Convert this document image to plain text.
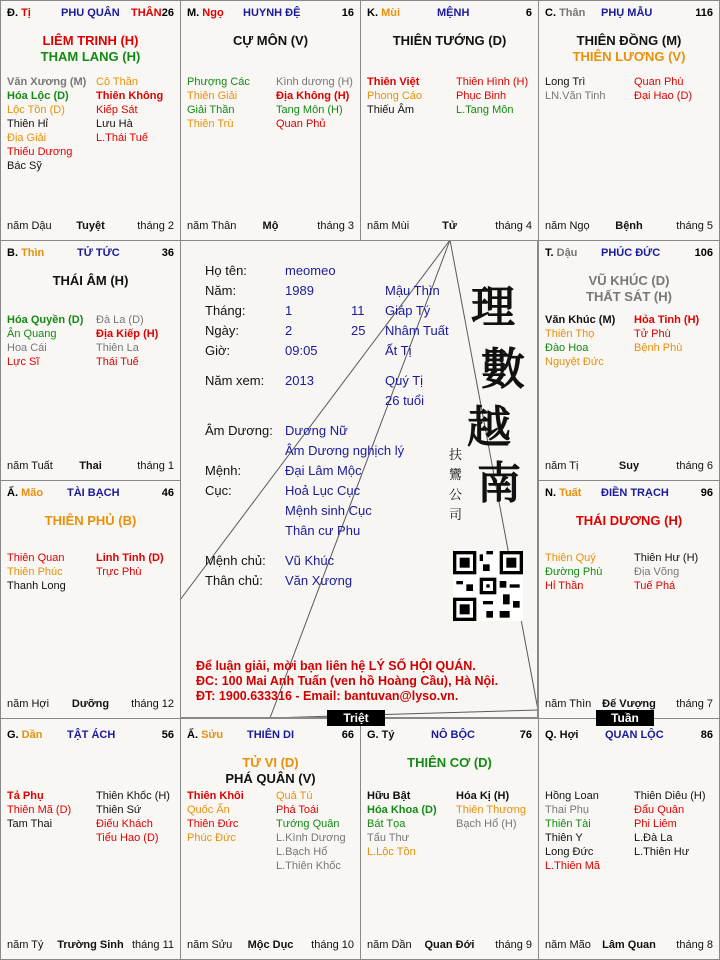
Đ. Tị	PHU QUÂN THÂN 26
LIÊM TRINH (H)
THAM LANG (H)
Văn Xương (M)
Hóa Lộc (D)
Lộc Tồn (D)
Thiên Hỉ
Địa Giải
Thiếu Dương
Bác Sỹ
Cô Thần
Thiên Không
Kiếp Sát
Lưu Hà
L.Thái Tuế
năm Dậu	Tuyệt	tháng 2
M. Ngọ HUYNH ĐỆ	16
CỰ MÔN (V)
Phượng Các
Thiên Giải
Giải Thần
Thiên Trù
Kình dương (H)
Địa Không (H)
Tang Môn (H)
Quan Phủ
năm Thân	Mộ	tháng 3
K. Mùi	MỆNH	6
THIÊN TƯỚNG (D)
Thiên Việt
Phong Cáo
Thiếu Âm
Thiên Hình (H)
Phục Binh
L.Tang Môn
năm Mùi	Tử	tháng 4
C. Thân PHỤ MẪU	116
THIÊN ĐỒNG (M)
THIÊN LƯƠNG (V)
Long Trì
LN.Văn Tinh
Quan Phù
Đại Hao (D)
năm Ngọ	Bệnh	tháng 5
B. Thìn	TỬ TỨC	36
THÁI ÂM (H)
Hóa Quyền (D)
Ân Quang
Hoa Cái
Lực Sĩ
Đà La (D)
Địa Kiếp (H)
Thiên La
Thái Tuế
năm Tuất	Thai	tháng 1
T. Dậu PHÚC ĐỨC	106
VŨ KHÚC (D)
THẤT SÁT (H)
Văn Khúc (M)
Thiên Thọ
Đào Hoa
Nguyệt Đức
Hỏa Tinh (H)
Tử Phù
Bệnh Phù
năm Tị	Suy	tháng 6
Ấ. Mão TÀI BẠCH	46
THIÊN PHỦ (B)
Thiên Quan
Thiên Phúc
Thanh Long
Linh Tinh (D)
Trực Phù
năm Hợi	Dưỡng	tháng 12
N. Tuất ĐIỀN TRẠCH	96
THÁI DƯƠNG (H)
Thiên Quý
Đường Phù
Hỉ Thần
Thiên Hư (H)
Địa Võng
Tuế Phá
năm Thìn Đế Vượng	tháng 7
G. Dần TẬT ÁCH	56
Tả Phụ
Thiên Mã (D)
Tam Thai
Thiên Khốc (H)
Thiên Sứ
Điếu Khách
Tiểu Hao (D)
năm Tý	Trường Sinh tháng 11
Ấ. Sửu THIÊN DI	66
TỬ VI (D)
PHÁ QUÂN (V)
Thiên Khôi
Quốc Ấn
Thiên Đức
Phúc Đức
Quả Tú
Phá Toái
Tướng Quân
L.Kình Dương
L.Bạch Hổ
L.Thiên Khốc
năm Sửu	Mộc Dục	tháng 10
G. Tý	NÔ BỘC	76
THIÊN CƠ (D)
Hữu Bật
Hóa Khoa (D)
Bát Tọa
Tấu Thư
L.Lộc Tồn
Hóa Kị (H)
Thiên Thương
Bạch Hổ (H)
năm Dần	Quan Đới	tháng 9
Q. Hợi QUAN LỘC	86
Hồng Loan
Thai Phụ
Thiên Tài
Thiên Y
Long Đức
L.Thiên Mã
Thiên Diêu (H)
Đẩu Quân
Phi Liêm
L.Đà La
L.Thiên Hư
năm Mão	Lâm Quan	tháng 8
Họ tên:	meomeo
Năm:	1989	Mậu Thìn
Tháng:	1	11 Giáp Tý
Ngày:	2	25 Nhâm Tuất
Giờ:	09:05	Ất Tị
Năm xem: 2013	Quý Tị
26 tuổi
Âm Dương: Dương Nữ
Âm Dương nghịch lý
Mệnh:	Đại Lâm Mộc
Cục:	Hoả Lục Cục
Mệnh sinh Cục
Thân cư Phu
Mệnh chủ: Vũ Khúc
Thân chủ: Văn Xương
理
數
越
南
扶
鸞
公
司
Để luận giải, mời bạn liên hệ LÝ SỐ HỘI QUÁN.
ĐC: 100 Mai Anh Tuấn (ven hồ Hoàng Cầu), Hà Nội.
ĐT: 1900.633316 - Email: bantuvan@lyso.vn.
Triệt	Tuần
